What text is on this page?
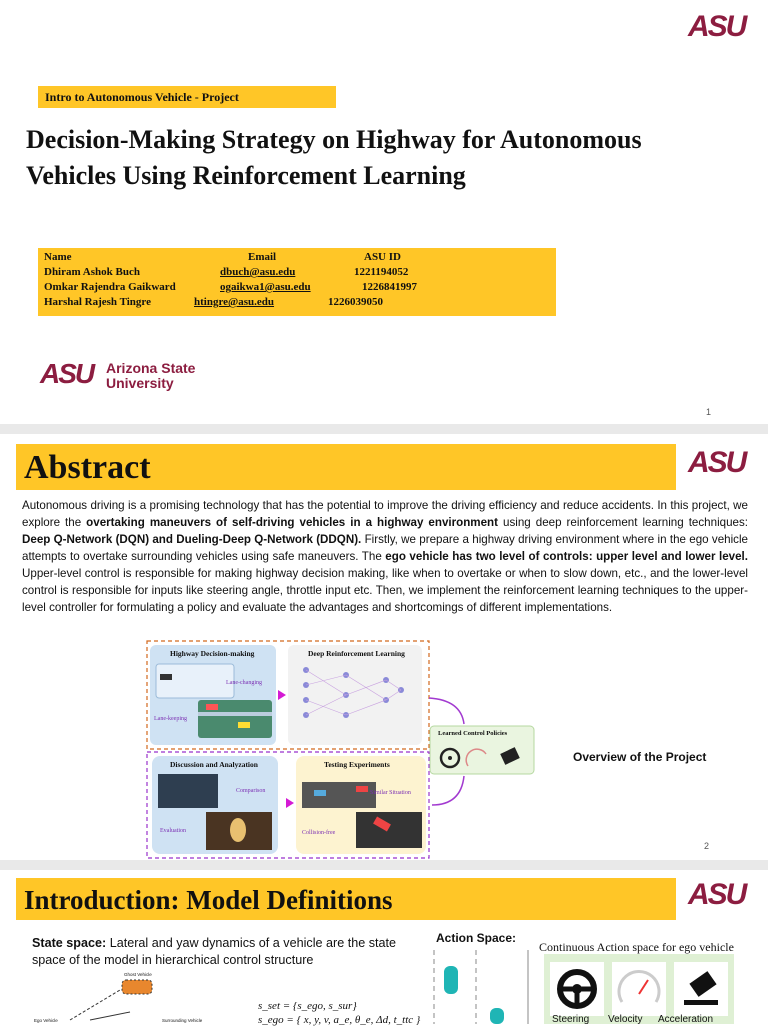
ASU
Intro to Autonomous Vehicle - Project
Decision-Making Strategy on Highway for Autonomous
Vehicles Using Reinforcement Learning
Name	Email	ASU ID
Dhiram Ashok Buch	dbuch@asu.edu	1221194052
Omkar Rajendra Gaikward	ogaikwa1@asu.edu	1226841997
Harshal Rajesh Tingre	htingre@asu.edu	1226039050
ASU Arizona State
University
1
Abstract	ASU
Autonomous driving is a promising technology that has the potential to improve the driving efficiency and reduce accidents. In this project, we explore the overtaking maneuvers of self-driving vehicles in a highway environment using deep reinforcement learning techniques: Deep Q-Network (DQN) and Dueling-Deep Q-Network (DDQN). Firstly, we prepare a highway driving environment where in the ego vehicle attempts to overtake surrounding vehicles using safe maneuvers. The ego vehicle has two level of controls: upper level and lower level. Upper-level control is responsible for making highway decision making, like when to overtake or when to slow down, etc., and the lower-level control is responsible for inputs like steering angle, throttle input etc. Then, we implement the reinforcement learning techniques to the upper-level controller for formulating a policy and evaluate the advantages and shortcomings of different implementations.
Highway Decision-making
Lane-changing
Lane-keeping
Deep Reinforcement Learning
Learned Control Policies
Discussion and Analyzation
Comparison
Evaluation
Testing Experiments
Similar Situation
Collision-free
Overview of the Project
2
Introduction: Model Definitions	ASU
State space: Lateral and yaw dynamics of a vehicle are the state space of the model in hierarchical control structure
Ghost Vehicle
Ego Vehicle	Surrounding Vehicle
s_set = {s_ego, s_sur}
s_ego = { x, y, v, a_e, θ_e, Δd, t_ttc }
Action Space:
Continuous Action space for ego vehicle
Steering Velocity Acceleration
